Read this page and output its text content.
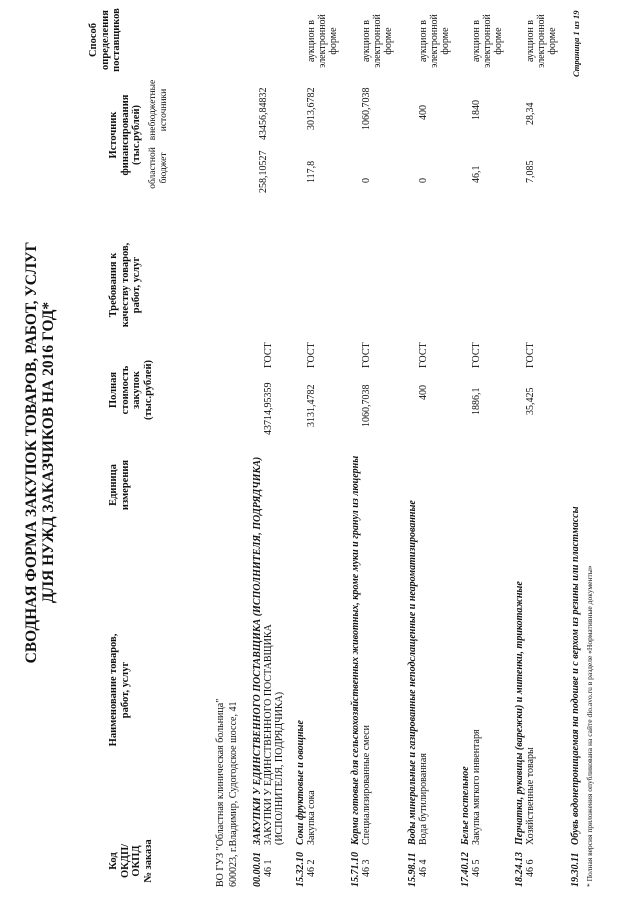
СВОДНАЯ ФОРМА ЗАКУПОК ТОВАРОВ, РАБОТ, УСЛУГ ДЛЯ НУЖД ЗАКАЗЧИКОВ НА 2016 ГОД*
Код ОКДП/ ОКПД № заказа
Наименование товаров, работ, услуг
Единица измерения
Полная стоимость закупок (тыс.рублей)
Требования к качеству товаров, работ, услуг
Источник финансирования (тыс.рублей)
областной бюджет
внебюджетные источники
Способ определения поставщиков
ВО ГУЗ "Областная клиническая больница" 600023, г.Владимир, Судогодское шоссе, 41 00.00.01
ЗАКУПКИ У ЕДИНСТВЕННОГО ПОСТАВЩИКА (ИСПОЛНИТЕЛЯ, ПОДРЯДЧИКА)
46 1
ЗАКУПКИ У ЕДИНСТВЕННОГО ПОСТАВЩИКА (ИСПОЛНИТЕЛЯ, ПОДРЯДЧИКА)
43714,95359
ГОСТ
258,10527
43456,84832
15.32.10
Соки фруктовые и овощные
46 2
Закупка сока
3131,4782
ГОСТ
117,8
3013,6782
аукцион в электронной форме
15.71.10
Корма готовые для сельскохозяйственных животных, кроме муки и гранул из люцерны
46 3
Специализированные смеси
1060,7038
ГОСТ
0
1060,7038
аукцион в электронной форме
15.98.11
Воды минеральные и газированные неподслащенные и неароматизированные
46 4
Вода бутилированная
400
ГОСТ
0
400
аукцион в электронной форме
17.40.12
Белье постельное
46 5
Закупка мягкого инвентаря
1886,1
ГОСТ
46,1
1840
аукцион в электронной форме
18.24.13
Перчатки, рукавицы (варежки) и митенки, трикотажные
46 6
Хозяйственные товары
35,425
ГОСТ
7,085
28,34
аукцион в электронной форме
19.30.11
Обувь водонепроницаемая на подошве и с верхом из резины или пластмассы * Полная версия приложения опубликована на сайте dio.avo.ru в разделе «Нормативные документы»
Страница 1 из 19
